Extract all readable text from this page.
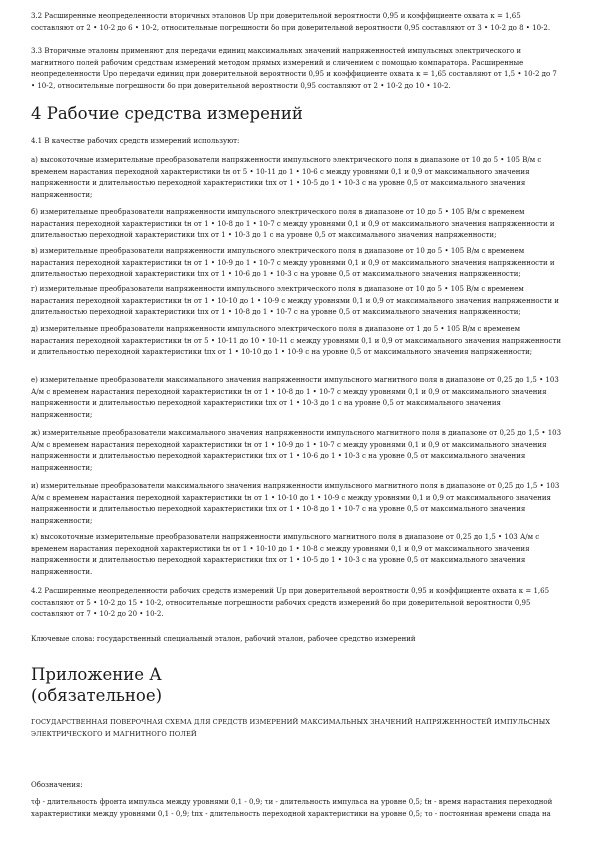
3.2 Расширенные неопределенности вторичных эталонов Uр при доверительной вероятности 0,95 и коэффициенте охвата к = 1,65 составляют от 2 • 10-2 до 6 • 10-2, относительные погрешности δо при доверительной вероятности 0,95 составляют от 3 • 10-2 до 8 • 10-2.

3.3 Вторичные эталоны применяют для передачи единиц максимальных значений напряженностей импульсных электрического и магнитного полей рабочим средствам измерений методом прямых измерений и сличением с помощью компаратора. Расширенные неопределенности Uро передачи единиц при доверительной вероятности 0,95 и коэффициенте охвата к = 1,65 составляют от 1,5 • 10-2 до 7 • 10-2, относительные погрешности δо при доверительной вероятности 0,95 составляют от 2 • 10-2 до 10 • 10-2.

4 Рабочие средства измерений

4.1 В качестве рабочих средств измерений используют:

а) высокоточные измерительные преобразователи напряженности импульсного электрического поля в диапазоне от 10 до 5 • 105 В/м с временем нарастания переходной характеристики tн от 5 • 10-11 до 1 • 10-6 с между уровнями 0,1 и 0,9 от максимального значения напряженности и длительностью переходной характеристики tпх от 1 • 10-5 до 1 • 10-3 с на уровне 0,5 от максимального значения напряженности;

б) измерительные преобразователи напряженности импульсного электрического поля в диапазоне от 10 до 5 • 105 В/м с временем нарастания переходной характеристики tн от 1 • 10-8 до 1 • 10-7 с между уровнями 0,1 и 0,9 от максимального значения напряженности и длительностью переходной характеристики tпх от 1 • 10-3 до 1 с на уровне 0,5 от максимального значения напряженности;

в) измерительные преобразователи напряженности импульсного электрического поля в диапазоне от 10 до 5 • 105 В/м с временем нарастания переходной характеристики tн от 1 • 10-9 до 1 • 10-7 с между уровнями 0,1 и 0,9 от максимального значения напряженности и длительностью переходной характеристики tпх от 1 • 10-6 до 1 • 10-3 с на уровне 0,5 от максимального значения напряженности;

г) измерительные преобразователи напряженности импульсного электрического поля в диапазоне от 10 до 5 • 105 В/м с временем нарастания переходной характеристики tн от 1 • 10-10 до 1 • 10-9 с между уровнями 0,1 и 0,9 от максимального значения напряженности и длительностью переходной характеристики tпх от 1 • 10-8 до 1 • 10-7 с на уровне 0,5 от максимального значения напряженности;

д) измерительные преобразователи напряженности импульсного электрического поля в диапазоне от 1 до 5 • 105 В/м с временем нарастания переходной характеристики tн от 5 • 10-11 до 10 • 10-11 с между уровнями 0,1 и 0,9 от максимального значения напряженности и длительностью переходной характеристики tпх от 1 • 10-10 до 1 • 10-9 с на уровне 0,5 от максимального значения напряженности;

е) измерительные преобразователи максимального значения напряженности импульсного магнитного поля в диапазоне от 0,25 до 1,5 • 103 А/м с временем нарастания переходной характеристики tн от 1 • 10-8 до 1 • 10-7 с между уровнями 0,1 и 0,9 от максимального значения напряженности и длительностью переходной характеристики tпх от 1 • 10-3 до 1 с на уровне 0,5 от максимального значения напряженности;

ж) измерительные преобразователи максимального значения напряженности импульсного магнитного поля в диапазоне от 0,25 до 1,5 • 103 А/м с временем нарастания переходной характеристики tн от 1 • 10-9 до 1 • 10-7 с между уровнями 0,1 и 0,9 от максимального значения напряженности и длительностью переходной характеристики tпх от 1 • 10-6 до 1 • 10-3 с на уровне 0,5 от максимального значения напряженности;

и) измерительные преобразователи максимального значения напряженности импульсного магнитного поля в диапазоне от 0,25 до 1,5 • 103 А/м с временем нарастания переходной характеристики tн от 1 • 10-10 до 1 • 10-9 с между уровнями 0,1 и 0,9 от максимального значения напряженности и длительностью переходной характеристики tпх от 1 • 10-8 до 1 • 10-7 с на уровне 0,5 от максимального значения напряженности;

к) высокоточные измерительные преобразователи напряженности импульсного магнитного поля в диапазоне от 0,25 до 1,5 • 103 А/м с временем нарастания переходной характеристики tн от 1 • 10-10 до 1 • 10-8 с между уровнями 0,1 и 0,9 от максимального значения напряженности и длительностью переходной характеристики tпх от 1 • 10-5 до 1 • 10-3 с на уровне 0,5 от максимального значения напряженности.

4.2 Расширенные неопределенности рабочих средств измерений Uр при доверительной вероятности 0,95 и коэффициенте охвата к = 1,65 составляют от 5 • 10-2 до 15 • 10-2, относительные погрешности рабочих средств измерений δо при доверительной вероятности 0,95 составляют от 7 • 10-2 до 20 • 10-2.

Ключевые слова: государственный специальный эталон, рабочий эталон, рабочее средство измерений

Приложение А
(обязательное)

ГОСУДАРСТВЕННАЯ ПОВЕРОЧНАЯ СХЕМА ДЛЯ СРЕДСТВ ИЗМЕРЕНИЙ МАКСИМАЛЬНЫХ ЗНАЧЕНИЙ НАПРЯЖЕННОСТЕЙ ИМПУЛЬСНЫХ ЭЛЕКТРИЧЕСКОГО И МАГНИТНОГО ПОЛЕЙ

Обозначения:

τф - длительность фронта импульса между уровнями 0,1 - 0,9; τи - длительность импульса на уровне 0,5; tн - время нарастания переходной характеристики между уровнями 0,1 - 0,9; tпх - длительность переходной характеристики на уровне 0,5; τо - постоянная времени спада на
